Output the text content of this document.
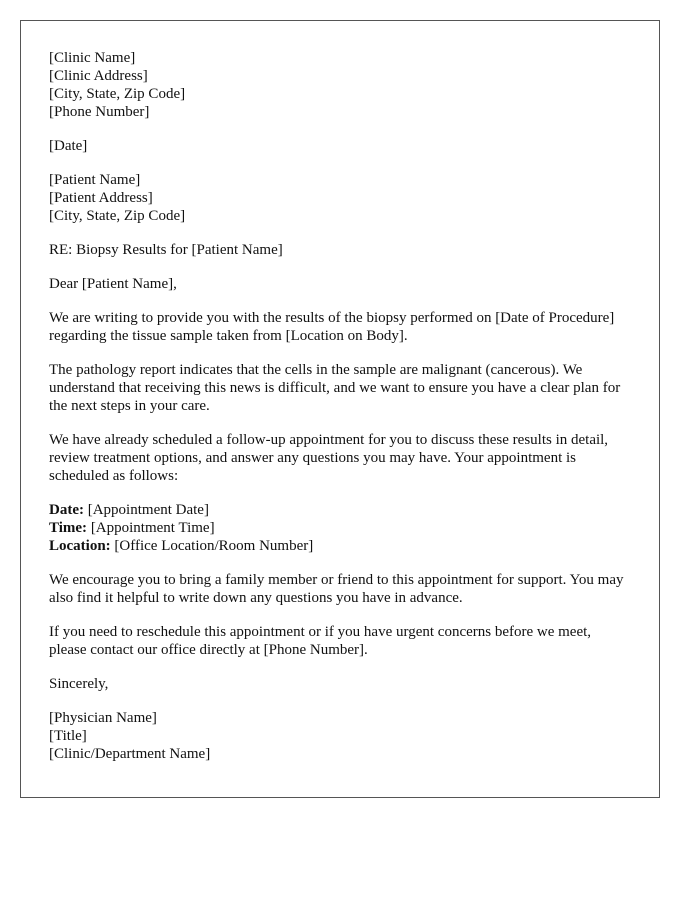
[Clinic Name]
[Clinic Address]
[City, State, Zip Code]
[Phone Number]
[Date]
[Patient Name]
[Patient Address]
[City, State, Zip Code]
RE: Biopsy Results for [Patient Name]
Dear [Patient Name],

We are writing to provide you with the results of the biopsy performed on [Date of Procedure] regarding the tissue sample taken from [Location on Body].

The pathology report indicates that the cells in the sample are malignant (cancerous). We understand that receiving this news is difficult, and we want to ensure you have a clear plan for the next steps in your care.

We have already scheduled a follow-up appointment for you to discuss these results in detail, review treatment options, and answer any questions you may have. Your appointment is scheduled as follows:

Date: [Appointment Date]
Time: [Appointment Time]
Location: [Office Location/Room Number]

We encourage you to bring a family member or friend to this appointment for support. You may also find it helpful to write down any questions you have in advance.

If you need to reschedule this appointment or if you have urgent concerns before we meet, please contact our office directly at [Phone Number].

Sincerely,
[Physician Name]
[Title]
[Clinic/Department Name]
